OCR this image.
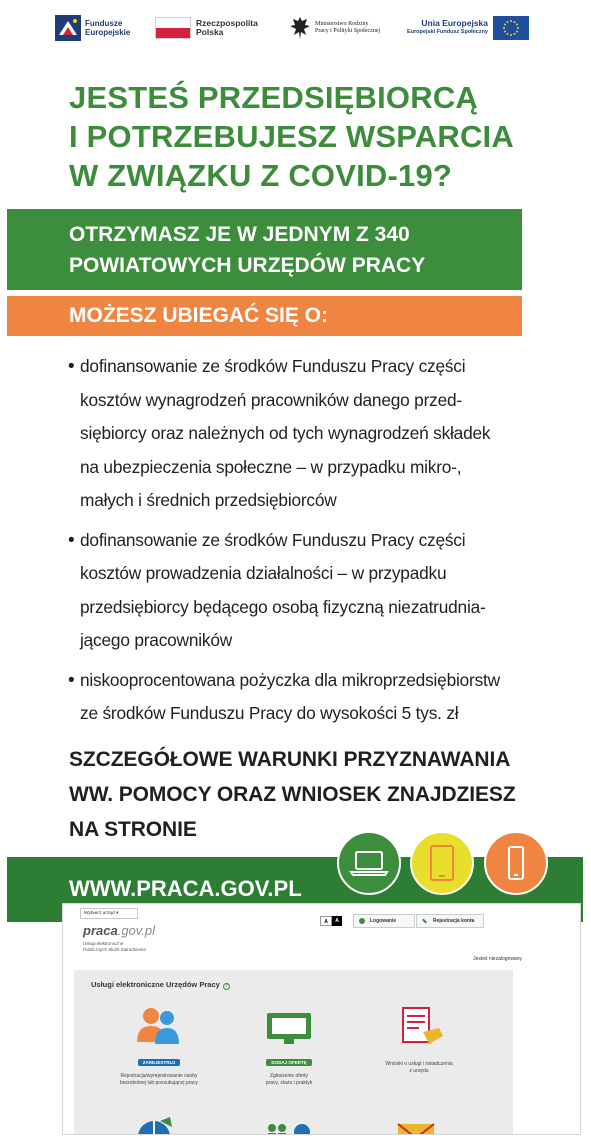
Fundusze
Europejskie
Rzeczpospolita
Polska
Ministerstwo Rodziny
Pracy i Polityki Społecznej
Unia Europejska
Europejski Fundusz Społeczny
JESTEŚ PRZEDSIĘBIORCĄ
I POTRZEBUJESZ WSPARCIA
W ZWIĄZKU Z COVID-19?
OTRZYMASZ JE W JEDNYM Z 340
POWIATOWYCH URZĘDÓW PRACY
MOŻESZ UBIEGAĆ SIĘ O:
• dofinansowanie ze środków Funduszu Pracy części
kosztów wynagrodzeń pracowników danego przed-
siębiorcy oraz należnych od tych wynagrodzeń składek
na ubezpieczenia społeczne – w przypadku mikro-,
małych i średnich przedsiębiorców
• dofinansowanie ze środków Funduszu Pracy części
kosztów prowadzenia działalności – w przypadku
przedsiębiorcy będącego osobą fizyczną niezatrudnia-
jącego pracowników
• niskooprocentowana pożyczka dla mikroprzedsiębiorstw
ze środków Funduszu Pracy do wysokości 5 tys. zł
SZCZEGÓŁOWE WARUNKI PRZYZNAWANIA
WW. POMOCY ORAZ WNIOSEK ZNAJDZIESZ
NA STRONIE
WWW.PRACA.GOV.PL
Wybierz urząd ▾
praca.gov.pl
Usługi elektroniczne
Publicznych Służb Zatrudnienia
A	A	Logowanie	Rejestracja konta
Jesteś niezalogowany
Usługi elektroniczne Urzędów Pracy ?
ZAREJESTRUJ
Rejestracja/wyrejestrowanie osoby
bezrobotnej lub poszukującej pracy
DODAJ OFERTĘ
Zgłoszenie oferty
pracy, stażu i praktyk
Wnioski o usługi i świadczenia
z urzędu
